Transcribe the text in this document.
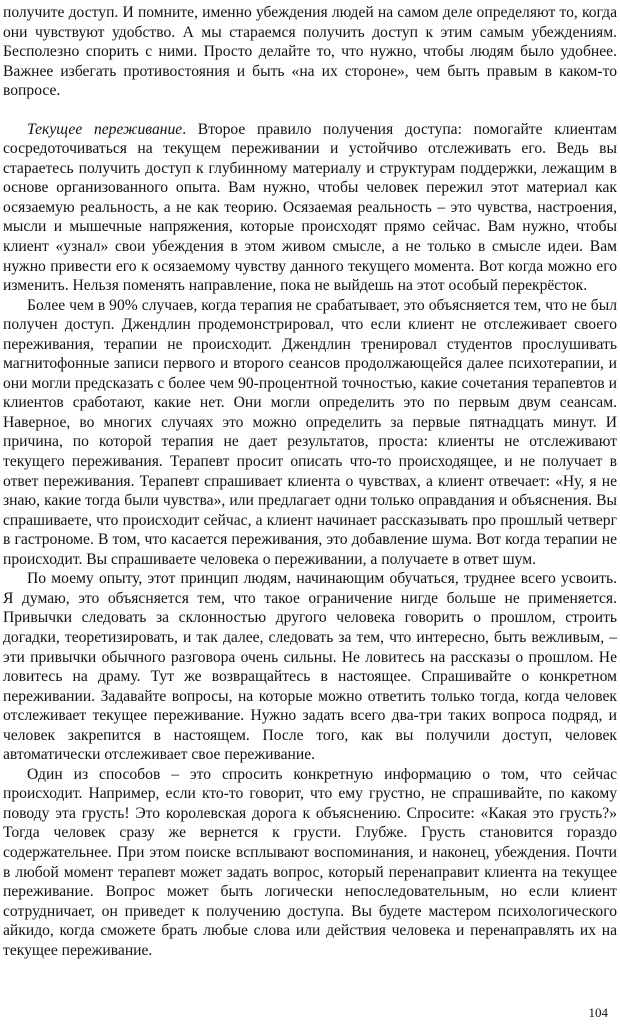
получите доступ. И помните, именно убеждения людей на самом деле определяют то, когда они чувствуют удобство. А мы стараемся получить доступ к этим самым убеждениям. Бесполезно спорить с ними. Просто делайте то, что нужно, чтобы людям было удобнее. Важнее избегать противостояния и быть «на их стороне», чем быть правым в каком-то вопросе.

Текущее переживание. Второе правило получения доступа: помогайте клиентам сосредоточиваться на текущем переживании и устойчиво отслеживать его. Ведь вы стараетесь получить доступ к глубинному материалу и структурам поддержки, лежащим в основе организованного опыта. Вам нужно, чтобы человек пережил этот материал как осязаемую реальность, а не как теорию. Осязаемая реальность – это чувства, настроения, мысли и мышечные напряжения, которые происходят прямо сейчас. Вам нужно, чтобы клиент «узнал» свои убеждения в этом живом смысле, а не только в смысле идеи. Вам нужно привести его к осязаемому чувству данного текущего момента. Вот когда можно его изменить. Нельзя поменять направление, пока не выйдешь на этот особый перекрёсток.

Более чем в 90% случаев, когда терапия не срабатывает, это объясняется тем, что не был получен доступ. Джендлин продемонстрировал, что если клиент не отслеживает своего переживания, терапии не происходит. Джендлин тренировал студентов прослушивать магнитофонные записи первого и второго сеансов продолжающейся далее психотерапии, и они могли предсказать с более чем 90-процентной точностью, какие сочетания терапевтов и клиентов сработают, какие нет. Они могли определить это по первым двум сеансам. Наверное, во многих случаях это можно определить за первые пятнадцать минут. И причина, по которой терапия не дает результатов, проста: клиенты не отслеживают текущего переживания. Терапевт просит описать что-то происходящее, и не получает в ответ переживания. Терапевт спрашивает клиента о чувствах, а клиент отвечает: «Ну, я не знаю, какие тогда были чувства», или предлагает одни только оправдания и объяснения. Вы спрашиваете, что происходит сейчас, а клиент начинает рассказывать про прошлый четверг в гастрономе. В том, что касается переживания, это добавление шума. Вот когда терапии не происходит. Вы спрашиваете человека о переживании, а получаете в ответ шум.

По моему опыту, этот принцип людям, начинающим обучаться, труднее всего усвоить. Я думаю, это объясняется тем, что такое ограничение нигде больше не применяется. Привычки следовать за склонностью другого человека говорить о прошлом, строить догадки, теоретизировать, и так далее, следовать за тем, что интересно, быть вежливым, – эти привычки обычного разговора очень сильны. Не ловитесь на рассказы о прошлом. Не ловитесь на драму. Тут же возвращайтесь в настоящее. Спрашивайте о конкретном переживании. Задавайте вопросы, на которые можно ответить только тогда, когда человек отслеживает текущее переживание. Нужно задать всего два-три таких вопроса подряд, и человек закрепится в настоящем. После того, как вы получили доступ, человек автоматически отслеживает свое переживание.

Один из способов – это спросить конкретную информацию о том, что сейчас происходит. Например, если кто-то говорит, что ему грустно, не спрашивайте, по какому поводу эта грусть! Это королевская дорога к объяснению. Спросите: «Какая это грусть?» Тогда человек сразу же вернется к грусти. Глубже. Грусть становится гораздо содержательнее. При этом поиске всплывают воспоминания, и наконец, убеждения. Почти в любой момент терапевт может задать вопрос, который перенаправит клиента на текущее переживание. Вопрос может быть логически непоследовательным, но если клиент сотрудничает, он приведет к получению доступа. Вы будете мастером психологического айкидо, когда сможете брать любые слова или действия человека и перенаправлять их на текущее переживание.

104
